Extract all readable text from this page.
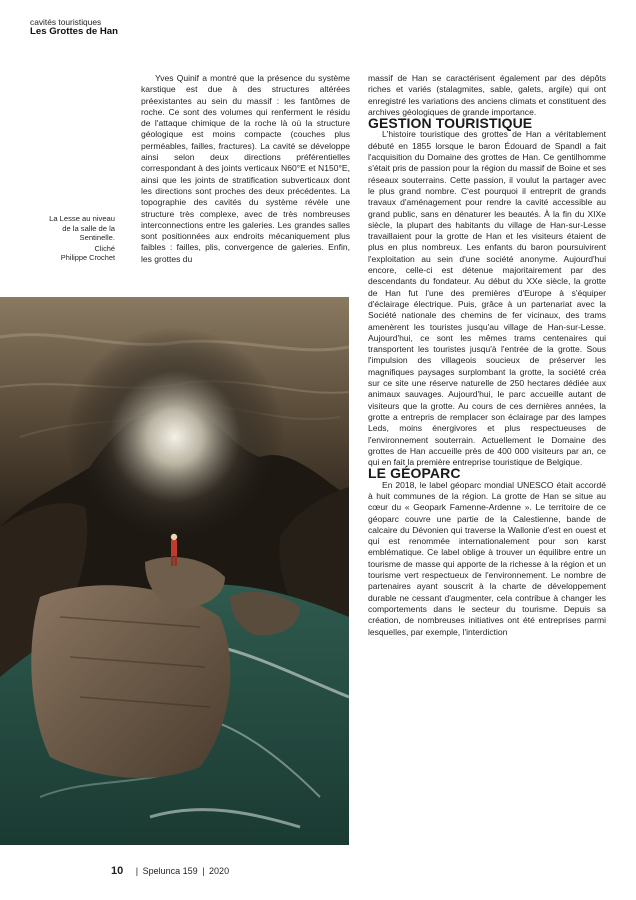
cavités touristiques
Les Grottes de Han
La Lesse au niveau de la salle de la Sentinelle.
Cliché
Philippe Crochet

Yves Quinif a montré que la présence du système karstique est due à des structures altérées préexistantes au sein du massif : les fantômes de roche. Ce sont des volumes qui renferment le résidu de l'attaque chimique de la roche là où la structure géologique est moins compacte (couches plus perméables, failles, fractures). La cavité se développe ainsi selon deux directions préférentielles correspondant à des joints verticaux N60°E et N150°E, ainsi que les joints de stratification subverticaux dont les directions sont proches des deux précédentes. La topographie des cavités du système révèle une structure très complexe, avec de très nombreuses interconnections entre les galeries. Les grandes salles sont positionnées aux endroits mécaniquement plus faibles : failles, plis, convergence de galeries. Enfin, les grottes du

massif de Han se caractérisent également par des dépôts riches et variés (stalagmites, sable, galets, argile) qui ont enregistré les variations des anciens climats et constituent des archives géologiques de grande importance.

GESTION TOURISTIQUE

L'histoire touristique des grottes de Han a véritablement débuté en 1855 lorsque le baron Édouard de Spandl a fait l'acquisition du Domaine des grottes de Han. Ce gentilhomme s'était pris de passion pour la région du massif de Boine et ses réseaux souterrains. Cette passion, il voulut la partager avec le plus grand nombre. C'est pourquoi il entreprit de grands travaux d'aménagement pour rendre la cavité accessible au grand public, sans en dénaturer les beautés. À la fin du XIXe siècle, la plupart des habitants du village de Han-sur-Lesse travaillaient pour la grotte de Han et les visiteurs étaient de plus en plus nombreux. Les enfants du baron poursuivirent l'exploitation au sein d'une société anonyme. Aujourd'hui encore, celle-ci est détenue majoritairement par des descendants du fondateur. Au début du XXe siècle, la grotte de Han fut l'une des premières d'Europe à s'équiper d'éclairage électrique. Puis, grâce à un partenariat avec la Société nationale des chemins de fer vicinaux, des trams amenèrent les touristes jusqu'au village de Han-sur-Lesse. Aujourd'hui, ce sont les mêmes trams centenaires qui transportent les touristes jusqu'à l'entrée de la grotte. Sous l'impulsion des villageois soucieux de préserver les magnifiques paysages surplombant la grotte, la société créa sur ce site une réserve naturelle de 250 hectares dédiée aux animaux sauvages. Aujourd'hui, le parc accueille autant de visiteurs que la grotte. Au cours de ces dernières années, la grotte a entrepris de remplacer son éclairage par des lampes Leds, moins énergivores et plus respectueuses de l'environnement souterrain. Actuellement le Domaine des grottes de Han accueille près de 400 000 visiteurs par an, ce qui en fait la première entreprise touristique de Belgique.

LE GÉOPARC

En 2018, le label géoparc mondial UNESCO était accordé à huit communes de la région. La grotte de Han se situe au cœur du « Geopark Famenne-Ardenne ». Le territoire de ce géoparc couvre une partie de la Calestienne, bande de calcaire du Dévonien qui traverse la Wallonie d'est en ouest et qui est renommée internationalement pour son karst emblématique. Ce label oblige à trouver un équilibre entre un tourisme de masse qui apporte de la richesse à la région et un tourisme vert respectueux de l'environnement. Le nombre de partenaires ayant souscrit à la charte de développement durable ne cessant d'augmenter, cela contribue à changer les comportements dans le secteur du tourisme. Depuis sa création, de nombreuses initiatives ont été entreprises parmi lesquelles, par exemple, l'interdiction

10 | Spelunca 159 | 2020
